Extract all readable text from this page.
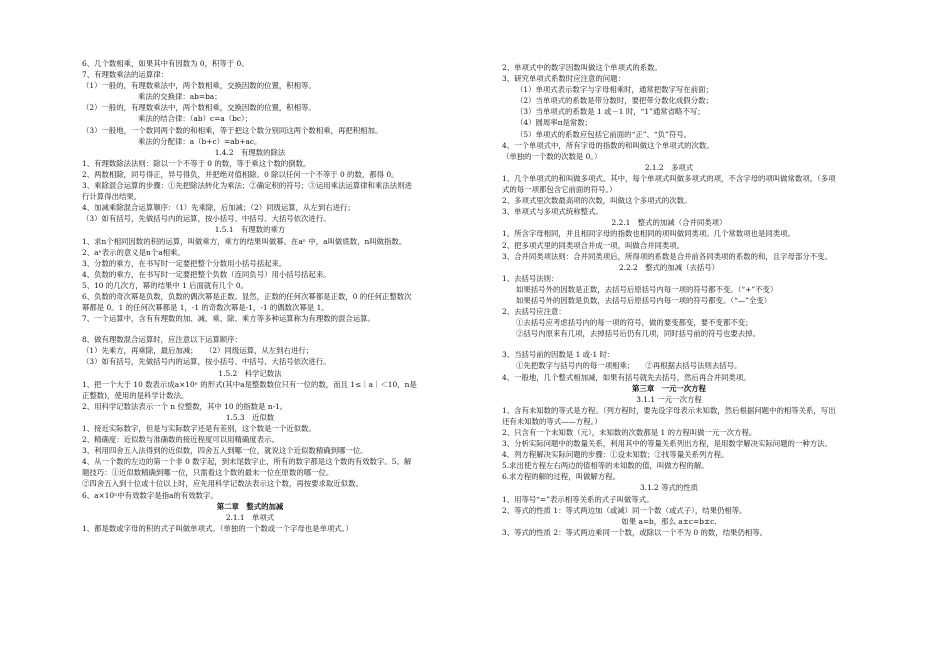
6、几个数相乘，如果其中有因数为 0，积等于 0。

7、有理数乘法的运算律：

（1）一般的，有理数乘法中，两个数相乘，交换因数的位置，积相等。

乘法的交换律：ab=ba；

（2）一般的，有理数乘法中，两个数相乘，交换因数的位置，积相等。

乘法的结合律：（ab）c=a（bc）；

（3）一般地，一个数同两个数的和相乘，等于把这个数分别同这两个数相乘，再把积相加。

乘法的分配律：a（b+c）=ab+ac。

1.4.2　有理数的除法

1、有理数除法法则：除以一个不等于 0 的数，等于乘这个数的倒数。

2、两数相除，同号得正，异号得负，并把绝对值相除。0 除以任何一个不等于 0 的数，都得 0。

3、乘除混合运算的步骤：①先把除法转化为乘法；②确定积的符号；③运用乘法运算律和乘法法则进行计算得出结果。

4、加减乘除混合运算顺序：（1）先乘除，后加减；（2）同级运算，从左到右进行；

（3）如有括号，先做括号内的运算，按小括号、中括号、大括号依次进行。

1.5.1　有理数的乘方

1、求n个相同因数的积的运算，叫做乘方，乘方的结果叫做幂。在aⁿ 中，a叫做底数，n叫做指数。

2、aⁿ表示的意义是n个a相乘。

3、分数的乘方，在书写时一定要把整个分数用小括号括起来。

4、负数的乘方，在书写时一定要把整个负数（连同负号）用小括号括起来。

5、10 的几次方，幂的结果中 1 后面就有几个 0。

6、负数的奇次幂是负数，负数的偶次幂是正数。显然，正数的任何次幂都是正数，0 的任何正整数次幂都是 0。1 的任何次幂都是 1，-1 的奇数次幂是-1，-1 的偶数次幂是 1。

7、一个运算中，含有有理数的加、减、乘、除、乘方等多种运算称为有理数的混合运算。

8、做有理数混合运算时，应注意以下运算顺序：

（1）先乘方，再乘除，最后加减；　　（2）同级运算，从左到右进行；

（3）如有括号，先做括号内的运算，按小括号、中括号、大括号依次进行。

1.5.2　科学记数法

1、把一个大于 10 数表示成a×10ⁿ 的形式(其中a是整数数位只有一位的数，而且 1≤｜a｜＜10，n是正整数)，使用的是科学计数法。

2、用科学记数法表示一个 n 位整数，其中 10 的指数是 n-1。

1.5.3　近似数

1、接近实际数字，但是与实际数字还是有差别，这个数是一个近似数。

2、精确度：近似数与准确数的接近程度可以用精确度表示。

3、利用四舍五入法得到的近似数，四舍五入到哪一位，就说这个近似数精确到哪一位。

4、从一个数的左边的第一个非 0 数字起，到末尾数字止，所有的数字都是这个数的有效数字。5、解题技巧：①近似数精确到哪一位，只需看这个数的最末一位在原数的哪一位。

②四舍五入到十位或十位以上时，应先用科学记数法表示这个数，再按要求取近似数。

6、a×10ⁿ中有效数字是指a的有效数字。

第二章　整式的加减

2.1.1　单项式

1、都是数或字母的积的式子叫做单项式。（单独的一个数或一个字母也是单项式。）

2、单项式中的数字因数叫做这个单项式的系数。

3、研究单项式系数时应注意的问题：

（1）单项式表示数字与字母相乘时，通常把数字写在前面；

（2）当单项式的系数是带分数时，要把带分数化成假分数；

（3）当单项式的系数是 1 或－1 时，“1”通常省略不写；

（4）圆周率π是常数；

（5）单项式的系数应包括它前面的“正”、“负”符号。

4、一个单项式中，所有字母的指数的和叫做这个单项式的次数。

（单独的一个数的次数是 0。）

2.1.2　多项式

1、几个单项式的和叫做多项式。其中，每个单项式叫做多项式的项，不含字母的项叫做常数项。（多项式的每一项都包含它前面的符号。）

2、多项式里次数最高项的次数，叫做这个多项式的次数。

3、单项式与多项式统称整式。

2.2.1　整式的加减（合并同类项）

1、所含字母相同，并且相同字母的指数也相同的项叫做同类项。几个常数项也是同类项。

2、把多项式里的同类项合并成一项，叫做合并同类项。

3、合并同类项法则：合并同类项后，所得项的系数是合并前各同类项的系数的和，且字母部分不变。

2.2.2　整式的加减（去括号）

1、去括号法则：

如果括号外的因数是正数，去括号后原括号内每一项的符号都不变。（“+”不变）

如果括号外的因数是负数，去括号后原括号内每一项的符号都变。（“—”全变）

2、去括号应注意：

①去括号应考虑括号内的每一项的符号，做的要变都变，要不变都不变；

②括号内原来有几项，去掉括号后仍有几项，同时括号前的符号也要去掉。

3、当括号前的因数是 1 或-1 时：

①先把数字与括号内的每一项相乘；　　②再根据去括号法则去括号。

4、一般地，几个整式相加减，如果有括号就先去括号，然后再合并同类项。

第三章　一元一次方程

3.1.1 一元一次方程

1、含有未知数的等式是方程。（列方程时，要先设字母表示未知数，然后根据问题中的相等关系，写出还有未知数的等式——方程。）

2、只含有一个未知数（元），未知数的次数都是 1 的方程叫做一元一次方程。

3、分析实际问题中的数量关系，利用其中的等量关系列出方程，是用数学解决实际问题的一种方法。

4、列方程解决实际问题的步骤：①设未知数；②找等量关系列方程。

5.求出使方程左右两边的值相等的未知数的值，叫做方程的解。

6.求方程的解的过程，叫做解方程。

3.1.2 等式的性质

1、用等号“=”表示相等关系的式子叫做等式。

2、等式的性质 1：等式两边加（或减）同一个数（或式子），结果仍相等。

如果 a=b，那么 a±c=b±c.

3、等式的性质 2：等式两边乘同一个数，或除以一个不为 0 的数，结果仍相等。
